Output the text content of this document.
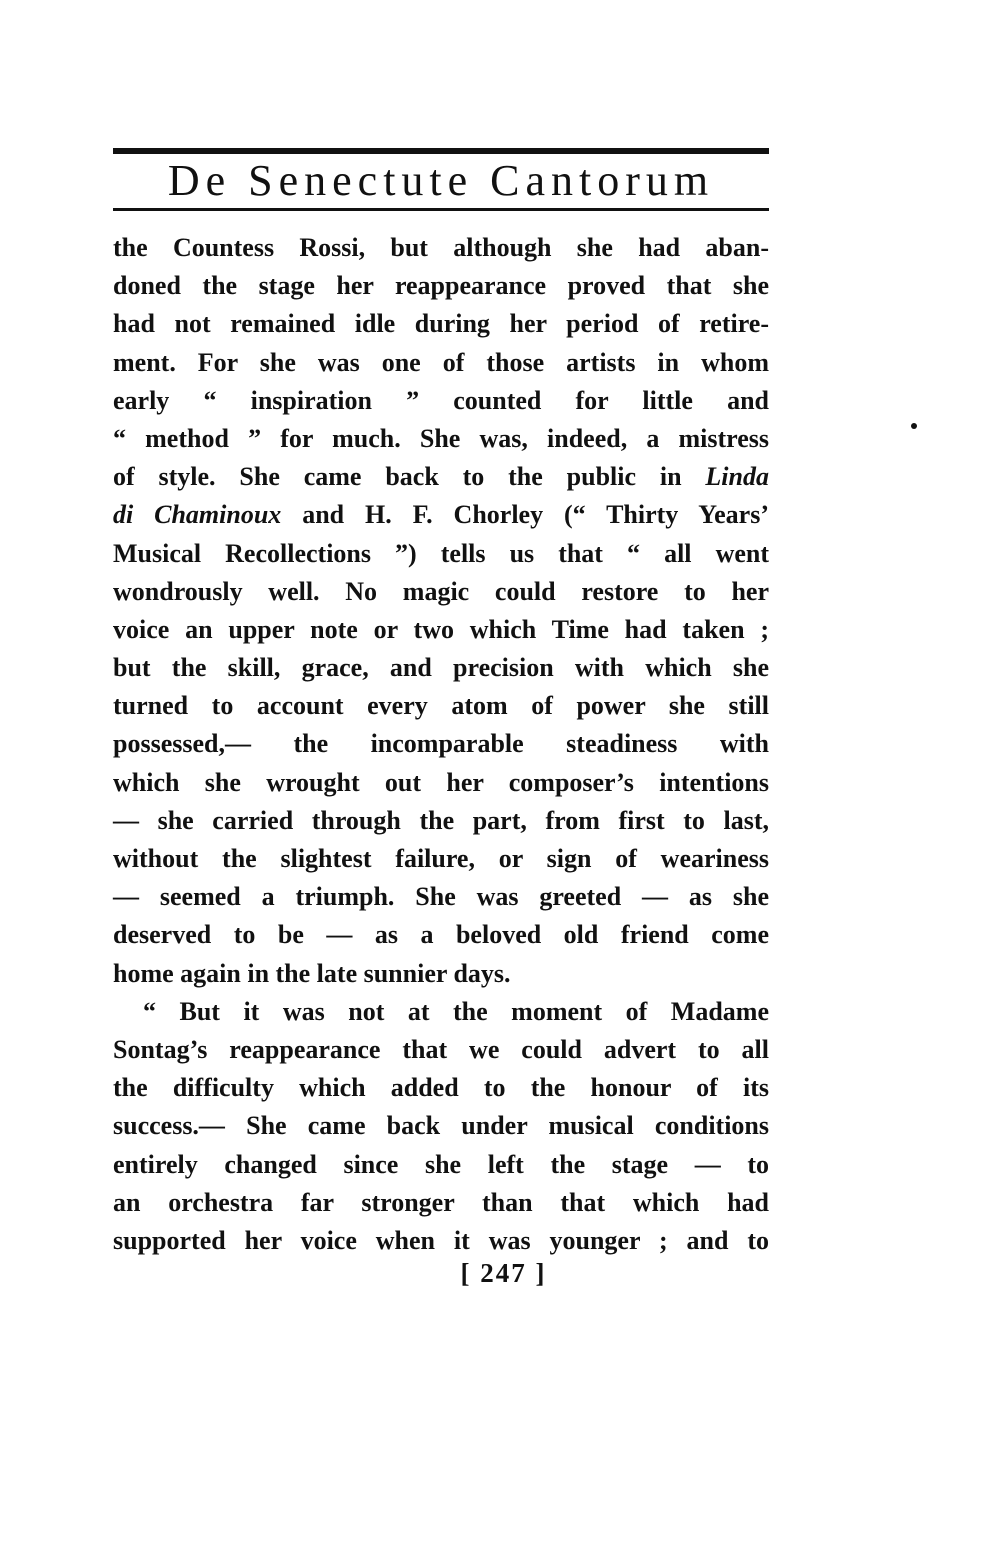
De Senectute Cantorum
the Countess Rossi, but although she had aban-
doned the stage her reappearance proved that she
had not remained idle during her period of retire-
ment. For she was one of those artists in whom
early “ inspiration ” counted for little and
“ method ” for much. She was, indeed, a mistress
of style. She came back to the public in Linda
di Chaminoux and H. F. Chorley (“ Thirty Years’
Musical Recollections ”) tells us that “ all went
wondrously well. No magic could restore to her
voice an upper note or two which Time had taken ;
but the skill, grace, and precision with which she
turned to account every atom of power she still
possessed,— the incomparable steadiness with
which she wrought out her composer’s intentions
— she carried through the part, from first to last,
without the slightest failure, or sign of weariness
— seemed a triumph. She was greeted — as she
deserved to be — as a beloved old friend come
home again in the late sunnier days.
“ But it was not at the moment of Madame
Sontag’s reappearance that we could advert to all
the difficulty which added to the honour of its
success.— She came back under musical conditions
entirely changed since she left the stage — to
an orchestra far stronger than that which had
supported her voice when it was younger ; and to
[ 247 ]
